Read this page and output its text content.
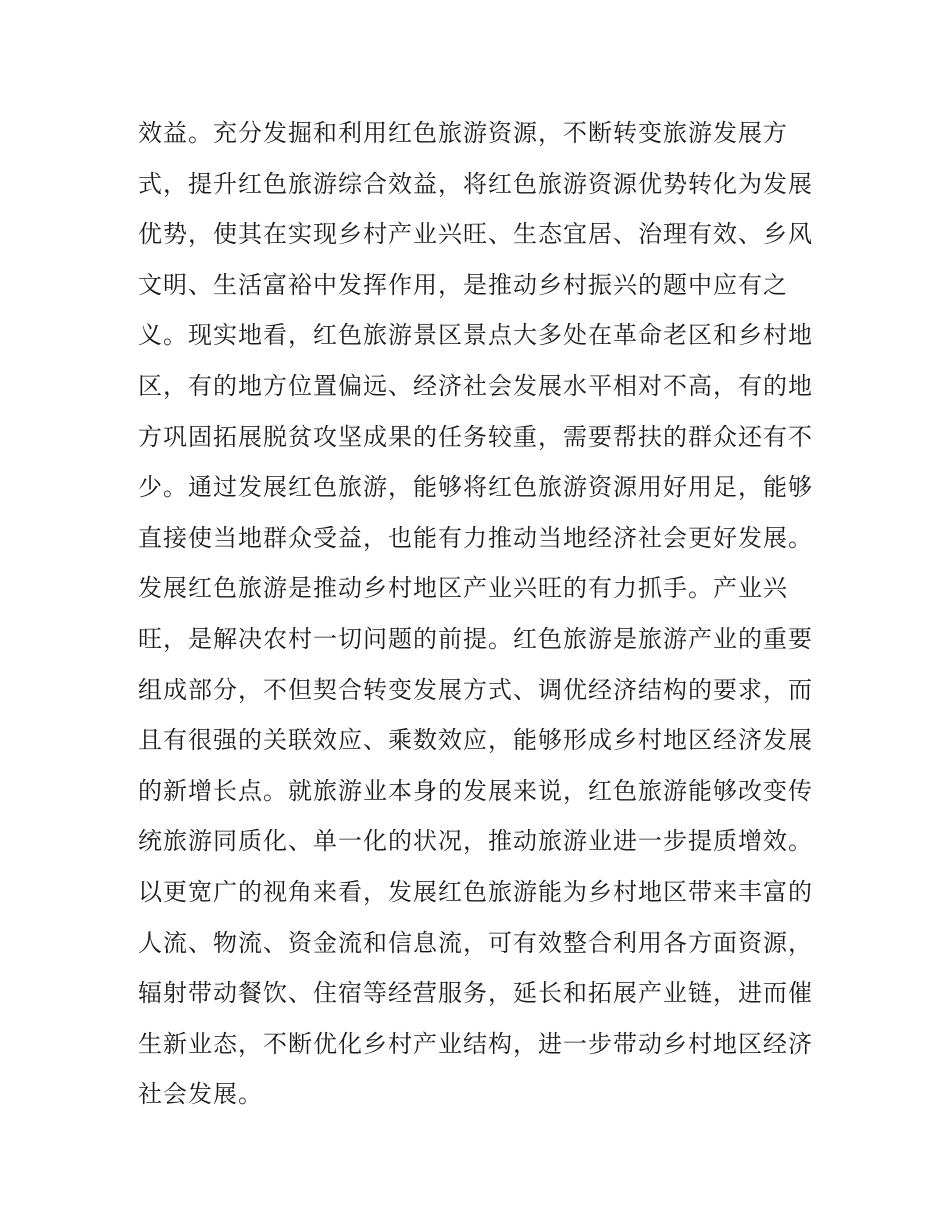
效益。充分发掘和利用红色旅游资源，不断转变旅游发展方
式，提升红色旅游综合效益，将红色旅游资源优势转化为发展
优势，使其在实现乡村产业兴旺、生态宜居、治理有效、乡风
文明、生活富裕中发挥作用，是推动乡村振兴的题中应有之
义。现实地看，红色旅游景区景点大多处在革命老区和乡村地
区，有的地方位置偏远、经济社会发展水平相对不高，有的地
方巩固拓展脱贫攻坚成果的任务较重，需要帮扶的群众还有不
少。通过发展红色旅游，能够将红色旅游资源用好用足，能够
直接使当地群众受益，也能有力推动当地经济社会更好发展。
发展红色旅游是推动乡村地区产业兴旺的有力抓手。产业兴
旺，是解决农村一切问题的前提。红色旅游是旅游产业的重要
组成部分，不但契合转变发展方式、调优经济结构的要求，而
且有很强的关联效应、乘数效应，能够形成乡村地区经济发展
的新增长点。就旅游业本身的发展来说，红色旅游能够改变传
统旅游同质化、单一化的状况，推动旅游业进一步提质增效。
以更宽广的视角来看，发展红色旅游能为乡村地区带来丰富的
人流、物流、资金流和信息流，可有效整合利用各方面资源，
辐射带动餐饮、住宿等经营服务，延长和拓展产业链，进而催
生新业态，不断优化乡村产业结构，进一步带动乡村地区经济
社会发展。
